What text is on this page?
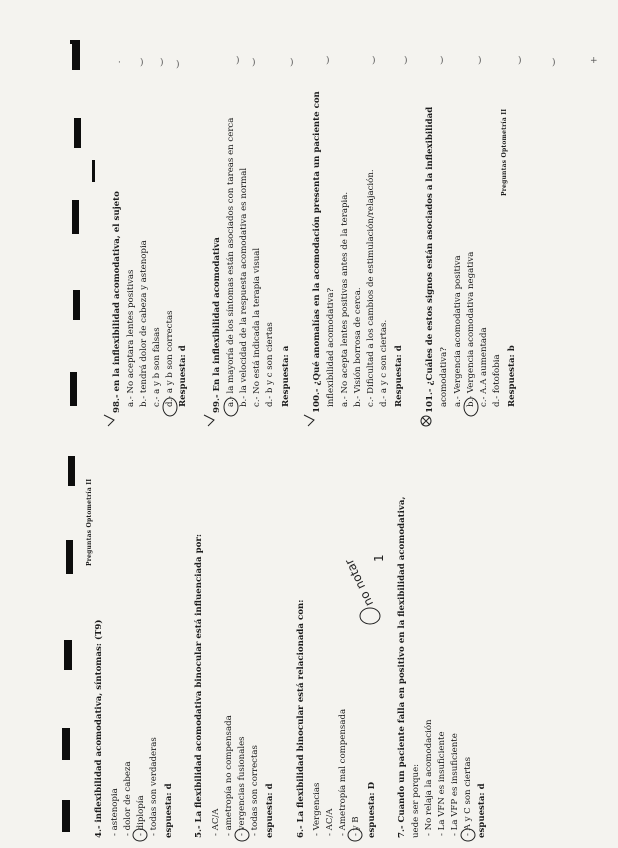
· ) ) )	) )	)	)	)	)	)	)	)	)	+
Preguntas Optometría II
Preguntas Optometría II
4.- inflexibilidad acomodativa, síntomas: (T9) - astenopia - dolor de cabeza - diplopía - todas son verdaderas espuesta: d 5.- La flexibilidad acomodativa binocular está influenciada por: - AC/A - ametropía no compensada - vergencias fusionales - todas son correctas espuesta: d 6.- La flexibilidad binocular está relacionada con: - Vergencias - AC/A - Ametropía mal compensada - y B espuesta: D 7.- Cuando un paciente falla en positivo en la flexibilidad acomodativa, uede ser porque: - No relaja la acomodación - La VFN es insuficiente - La VFP es insuficiente - A y C son ciertas espuesta: d
98.- en la inflexibilidad acomodativa, el sujeto a.- No aceptara lentes positivas b.- tendrá dolor de cabeza y astenopia c.- a y b son falsas d.- a y b son correctas Respuesta: d	99.- En la inflexibilidad acomodativa a.- la mayoría de los síntomas están asociados con tareas en cerca b.- la velocidad de la respuesta acomodativa es normal c.- No está indicada la terapia visual d.- b y c son ciertas Respuesta: a 100.- ¿Qué anomalías en la acomodación presenta un paciente con inflexibilidad acomodativa? a.- No acepta lentes positivas antes de la terapia. b.- Visión borrosa de cerca. c.- Dificultad a los cambios de estimulación/relajación. d.- a y c son ciertas. Respuesta: d 101.- ¿Cuáles de estos signos están asociados a la inflexibilidad acomodativa? a.- Vergencia acomodativa positiva b.- Vergencia acomodativa negativa c.- A.A aumentada d.- fotofobia Respuesta: b
no notar
1
